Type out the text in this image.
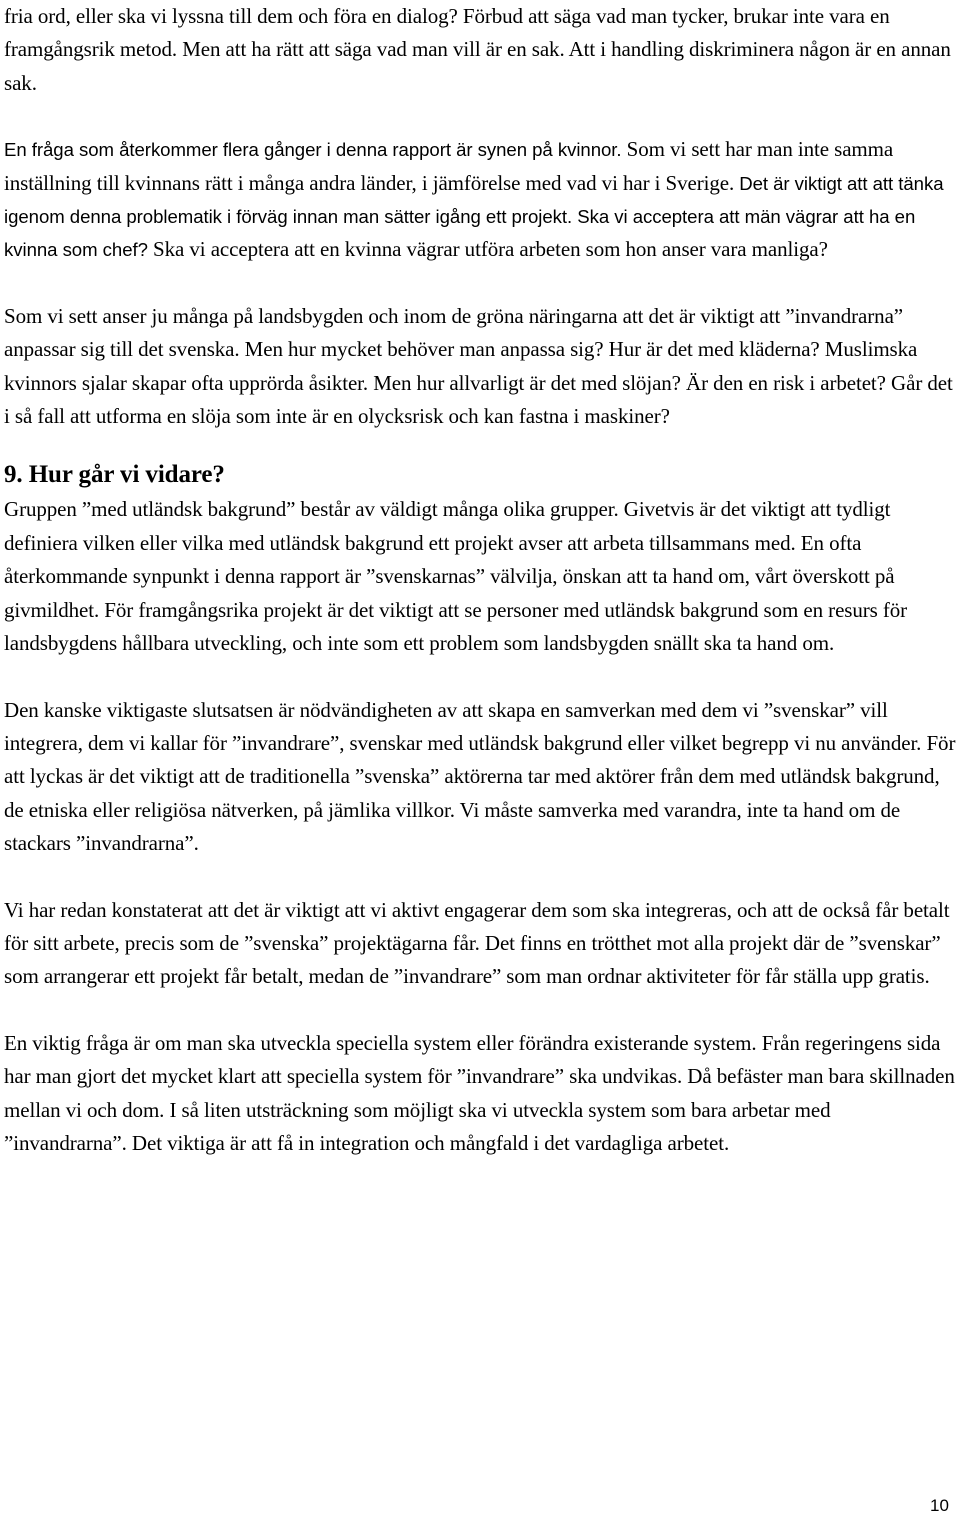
fria ord, eller ska vi lyssna till dem och föra en dialog? Förbud att säga vad man tycker, brukar inte vara en framgångsrik metod. Men att ha rätt att säga vad man vill är en sak. Att i handling diskriminera någon är en annan sak.

En fråga som återkommer flera gånger i denna rapport är synen på kvinnor. Som vi sett har man inte samma inställning till kvinnans rätt i många andra länder, i jämförelse med vad vi har i Sverige. Det är viktigt att att tänka igenom denna problematik i förväg innan man sätter igång ett projekt. Ska vi acceptera att män vägrar att ha en kvinna som chef? Ska vi acceptera att en kvinna vägrar utföra arbeten som hon anser vara manliga?

Som vi sett anser ju många på landsbygden och inom de gröna näringarna att det är viktigt att ”invandrarna” anpassar sig till det svenska. Men hur mycket behöver man anpassa sig? Hur är det med kläderna? Muslimska kvinnors sjalar skapar ofta upprörda åsikter. Men hur allvarligt är det med slöjan? Är den en risk i arbetet? Går det i så fall att utforma en slöja som inte är en olycksrisk och kan fastna i maskiner?

9. Hur går vi vidare?

Gruppen ”med utländsk bakgrund” består av väldigt många olika grupper. Givetvis är det viktigt att tydligt definiera vilken eller vilka med utländsk bakgrund ett projekt avser att arbeta tillsammans med. En ofta återkommande synpunkt i denna rapport är ”svenskarnas” välvilja, önskan att ta hand om, vårt överskott på givmildhet. För framgångsrika projekt är det viktigt att se personer med utländsk bakgrund som en resurs för landsbygdens hållbara utveckling, och inte som ett problem som landsbygden snällt ska ta hand om.

Den kanske viktigaste slutsatsen är nödvändigheten av att skapa en samverkan med dem vi ”svenskar” vill integrera, dem vi kallar för ”invandrare”, svenskar med utländsk bakgrund eller vilket begrepp vi nu använder. För att lyckas är det viktigt att de traditionella ”svenska” aktörerna tar med aktörer från dem med utländsk bakgrund, de etniska eller religiösa nätverken, på jämlika villkor. Vi måste samverka med varandra, inte ta hand om de stackars ”invandrarna”.

Vi har redan konstaterat att det är viktigt att vi aktivt engagerar dem som ska integreras, och att de också får betalt för sitt arbete, precis som de ”svenska” projektägarna får. Det finns en trötthet mot alla projekt där de ”svenskar” som arrangerar ett projekt får betalt, medan de ”invandrare” som man ordnar aktiviteter för får ställa upp gratis.

En viktig fråga är om man ska utveckla speciella system eller förändra existerande system. Från regeringens sida har man gjort det mycket klart att speciella system för ”invandrare” ska undvikas. Då befäster man bara skillnaden mellan vi och dom. I så liten utsträckning som möjligt ska vi utveckla system som bara arbetar med ”invandrarna”. Det viktiga är att få in integration och mångfald i det vardagliga arbetet.

10
